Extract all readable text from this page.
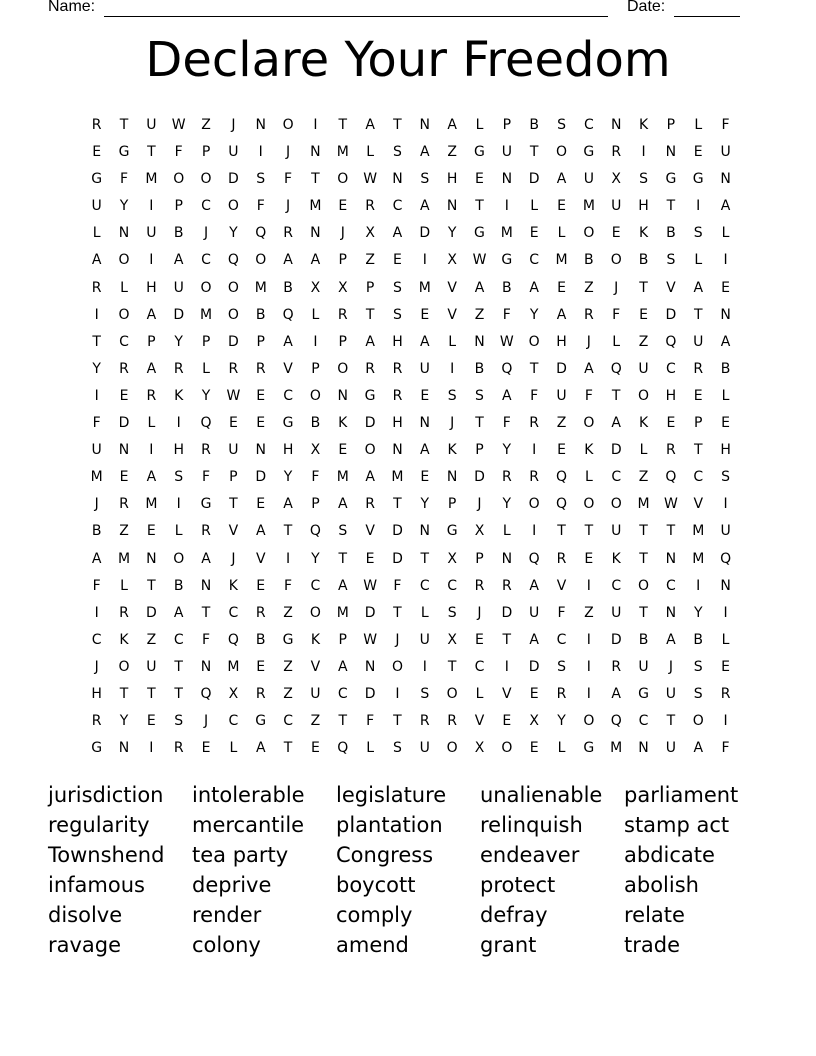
Name:	Date:
Declare Your Freedom
R	T	U	W	Z	J	N	O	I	T	A	T	N	A	L	P	B	S	C	N	K	P	L	F
E	G	T	F	P	U	I	J	N	M	L	S	A	Z	G	U	T	O	G	R	I	N	E	U
G	F	M	O	O	D	S	F	T	O	W	N	S	H	E	N	D	A	U	X	S	G	G	N
U	Y	I	P	C	O	F	J	M	E	R	C	A	N	T	I	L	E	M	U	H	T	I	A
L	N	U	B	J	Y	Q	R	N	J	X	A	D	Y	G	M	E	L	O	E	K	B	S	L
A	O	I	A	C	Q	O	A	A	P	Z	E	I	X	W	G	C	M	B	O	B	S	L	I
R	L	H	U	O	O	M	B	X	X	P	S	M	V	A	B	A	E	Z	J	T	V	A	E
I	O	A	D	M	O	B	Q	L	R	T	S	E	V	Z	F	Y	A	R	F	E	D	T	N
T	C	P	Y	P	D	P	A	I	P	A	H	A	L	N	W	O	H	J	L	Z	Q	U	A
Y	R	A	R	L	R	R	V	P	O	R	R	U	I	B	Q	T	D	A	Q	U	C	R	B
I	E	R	K	Y	W	E	C	O	N	G	R	E	S	S	A	F	U	F	T	O	H	E	L
F	D	L	I	Q	E	E	G	B	K	D	H	N	J	T	F	R	Z	O	A	K	E	P	E
U	N	I	H	R	U	N	H	X	E	O	N	A	K	P	Y	I	E	K	D	L	R	T	H
M	E	A	S	F	P	D	Y	F	M	A	M	E	N	D	R	R	Q	L	C	Z	Q	C	S
J	R	M	I	G	T	E	A	P	A	R	T	Y	P	J	Y	O	Q	O	O	M	W	V	I
B	Z	E	L	R	V	A	T	Q	S	V	D	N	G	X	L	I	T	T	U	T	T	M	U
A	M	N	O	A	J	V	I	Y	T	E	D	T	X	P	N	Q	R	E	K	T	N	M	Q
F	L	T	B	N	K	E	F	C	A	W	F	C	C	R	R	A	V	I	C	O	C	I	N
I	R	D	A	T	C	R	Z	O	M	D	T	L	S	J	D	U	F	Z	U	T	N	Y	I
C	K	Z	C	F	Q	B	G	K	P	W	J	U	X	E	T	A	C	I	D	B	A	B	L
J	O	U	T	N	M	E	Z	V	A	N	O	I	T	C	I	D	S	I	R	U	J	S	E
H	T	T	T	Q	X	R	Z	U	C	D	I	S	O	L	V	E	R	I	A	G	U	S	R
R	Y	E	S	J	C	G	C	Z	T	F	T	R	R	V	E	X	Y	O	Q	C	T	O	I
G	N	I	R	E	L	A	T	E	Q	L	S	U	O	X	O	E	L	G	M	N	U	A	F
jurisdiction	intolerable	legislature	unalienable	parliament
regularity	mercantile	plantation	relinquish	stamp act
Townshend	tea party	Congress	endeaver	abdicate
infamous	deprive	boycott	protect	abolish
disolve	render	comply	defray	relate
ravage	colony	amend	grant	trade
